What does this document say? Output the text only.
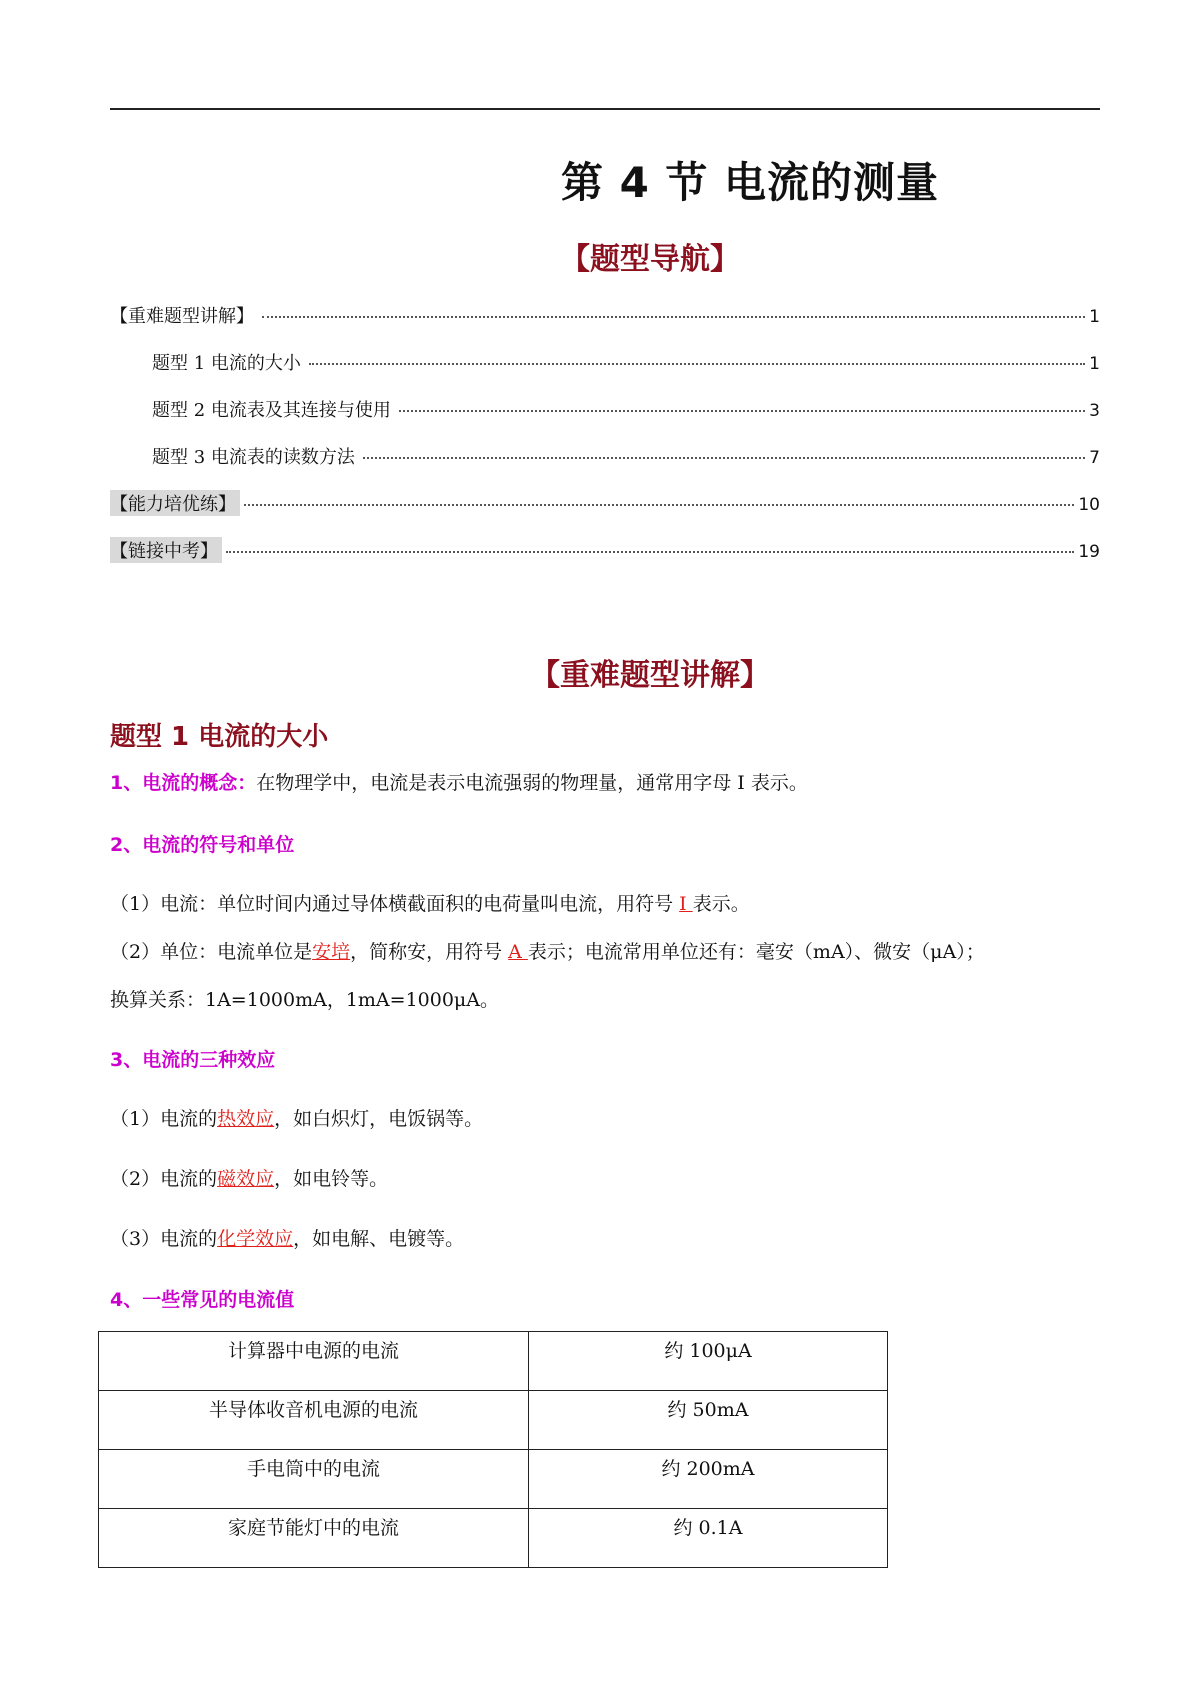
第 4 节 电流的测量
【题型导航】
【重难题型讲解】	1
题型 1 电流的大小	1
题型 2 电流表及其连接与使用	3
题型 3 电流表的读数方法	7
【能力培优练】	10
【链接中考】	19
【重难题型讲解】
题型 1 电流的大小
1、电流的概念：在物理学中，电流是表示电流强弱的物理量，通常用字母 I 表示。
2、电流的符号和单位
（1）电流：单位时间内通过导体横截面积的电荷量叫电流，用符号 I 表示。
（2）单位：电流单位是安培，简称安，用符号 A 表示；电流常用单位还有：毫安（mA）、微安（μA）；
换算关系：1A=1000mA，1mA=1000μA。
3、电流的三种效应
（1）电流的热效应，如白炽灯，电饭锅等。
（2）电流的磁效应，如电铃等。
（3）电流的化学效应，如电解、电镀等。
4、一些常见的电流值
计算器中电源的电流	约 100μA
半导体收音机电源的电流	约 50mA
手电筒中的电流	约 200mA
家庭节能灯中的电流	约 0.1A
